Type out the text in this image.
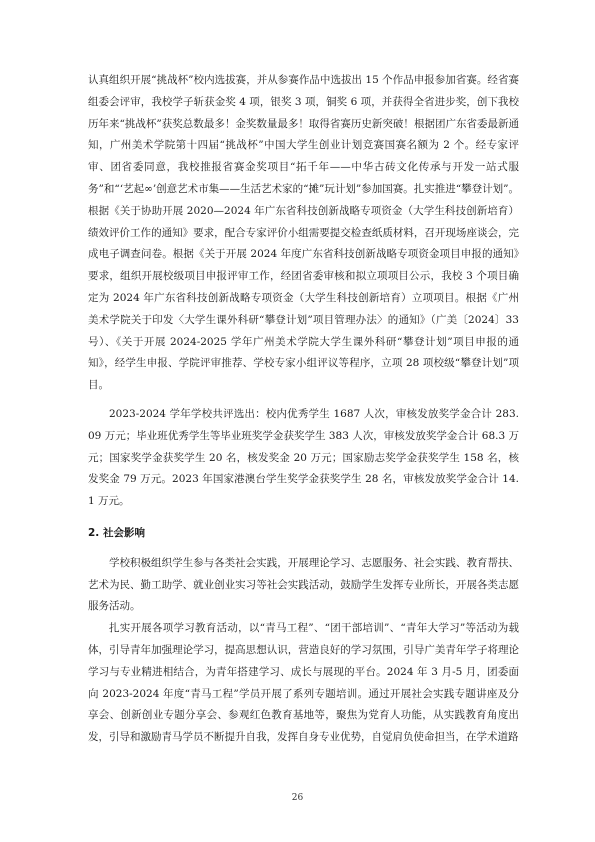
认真组织开展“挑战杯”校内选拔赛，并从参赛作品中选拔出 15 个作品申报参加省赛。经省赛组委会评审，我校学子斩获金奖 4 项，银奖 3 项，铜奖 6 项，并获得全省进步奖，创下我校历年来“挑战杯”获奖总数最多！金奖数量最多！取得省赛历史新突破！根据团广东省委最新通知，广州美术学院第十四届“挑战杯”中国大学生创业计划竞赛国赛名额为 2 个。经专家评审、团省委同意，我校推报省赛金奖项目“拓千年——中华古砖文化传承与开发一站式服务”和“‘艺起∞’创意艺术市集——生活艺术家的“摊”玩计划”参加国赛。扎实推进“攀登计划”。根据《关于协助开展 2020—2024 年广东省科技创新战略专项资金（大学生科技创新培育）绩效评价工作的通知》要求，配合专家评价小组需要提交检查纸质材料，召开现场座谈会，完成电子调查问卷。根据《关于开展 2024 年度广东省科技创新战略专项资金项目申报的通知》要求，组织开展校级项目申报评审工作，经团省委审核和拟立项项目公示，我校 3 个项目确定为 2024 年广东省科技创新战略专项资金（大学生科技创新培育）立项项目。根据《广州美术学院关于印发〈大学生课外科研“攀登计划”项目管理办法〉的通知》（广美〔2024〕33 号）、《关于开展 2024-2025 学年广州美术学院大学生课外科研“攀登计划”项目申报的通知》，经学生申报、学院评审推荐、学校专家小组评议等程序，立项 28 项校级“攀登计划”项目。

2023-2024 学年学校共评选出：校内优秀学生 1687 人次，审核发放奖学金合计 283.09 万元；毕业班优秀学生等毕业班奖学金获奖学生 383 人次，审核发放奖学金合计 68.3 万元；国家奖学金获奖学生 20 名，核发奖金 20 万元；国家励志奖学金获奖学生 158 名，核发奖金 79 万元。2023 年国家港澳台学生奖学金获奖学生 28 名，审核发放奖学金合计 14.1 万元。

2. 社会影响

学校积极组织学生参与各类社会实践，开展理论学习、志愿服务、社会实践、教育帮扶、艺术为民、勤工助学、就业创业实习等社会实践活动，鼓励学生发挥专业所长，开展各类志愿服务活动。

扎实开展各项学习教育活动，以“青马工程”、“团干部培训”、“青年大学习”等活动为载体，引导青年加强理论学习，提高思想认识，营造良好的学习氛围，引导广美青年学子将理论学习与专业精进相结合，为青年搭建学习、成长与展现的平台。2024 年 3 月-5 月，团委面向 2023-2024 年度“青马工程”学员开展了系列专题培训。通过开展社会实践专题讲座及分享会、创新创业专题分享会、参观红色教育基地等，聚焦为党育人功能，从实践教育角度出发，引导和激励青马学员不断提升自我，发挥自身专业优势，自觉肩负使命担当，在学术道路

26
